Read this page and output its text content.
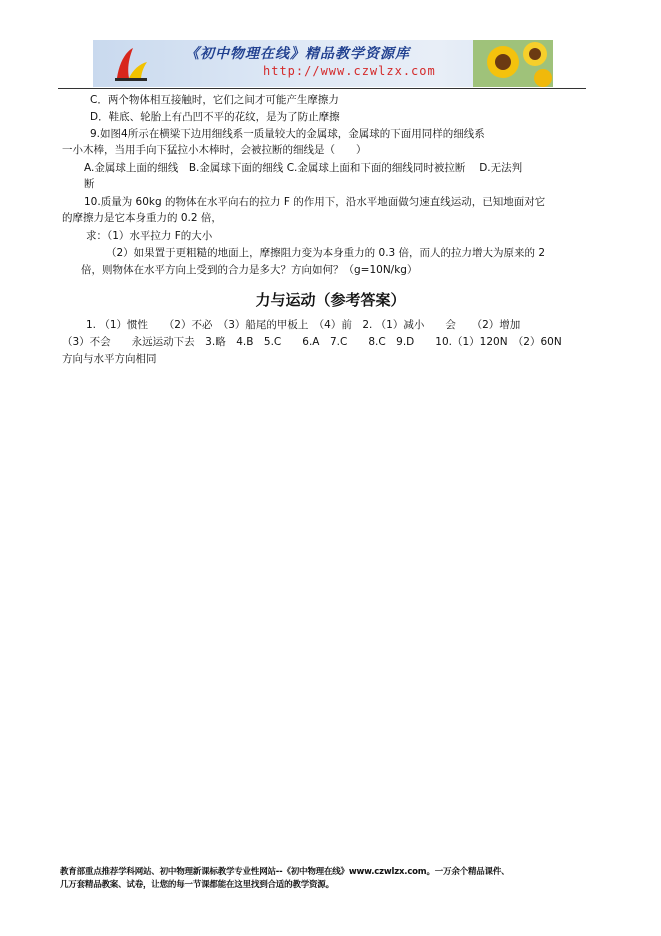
《初中物理在线》精品教学资源库
http://www.czwlzx.com
C．两个物体相互接触时，它们之间才可能产生摩擦力
D．鞋底、轮胎上有凸凹不平的花纹，是为了防止摩擦
9.如图4所示在横梁下边用细线系一质量较大的金属球，金属球的下面用同样的细线系
一小木棒，当用手向下猛拉小木棒时，会被拉断的细线是（　　）
A.金属球上面的细线　B.金属球下面的细线 C.金属球上面和下面的细线同时被拉断　 D.无法判
断
10.质量为 60kg 的物体在水平向右的拉力 F 的作用下，沿水平地面做匀速直线运动，已知地面对它
的摩擦力是它本身重力的 0.2 倍，
求：（1）水平拉力 F的大小
（2）如果置于更粗糙的地面上，摩擦阻力变为本身重力的 0.3 倍，而人的拉力增大为原来的 2
倍，则物体在水平方向上受到的合力是多大？方向如何？（g=10N/kg）
力与运动（参考答案）
1. （1）惯性　　（2）不必　（3）船尾的甲板上　（4）前　2. （1）减小　　会　　（2）增加
（3）不会　　永远运动下去　3.略　4.B　5.C　　6.A　7.C　　8.C　9.D　　10.（1）120N　（2）60N
方向与水平方向相同
教育部重点推荐学科网站、初中物理新课标教学专业性网站--《初中物理在线》www.czwlzx.com。一万余个精品课件、
几万套精品教案、试卷，让您的每一节课都能在这里找到合适的教学资源。
